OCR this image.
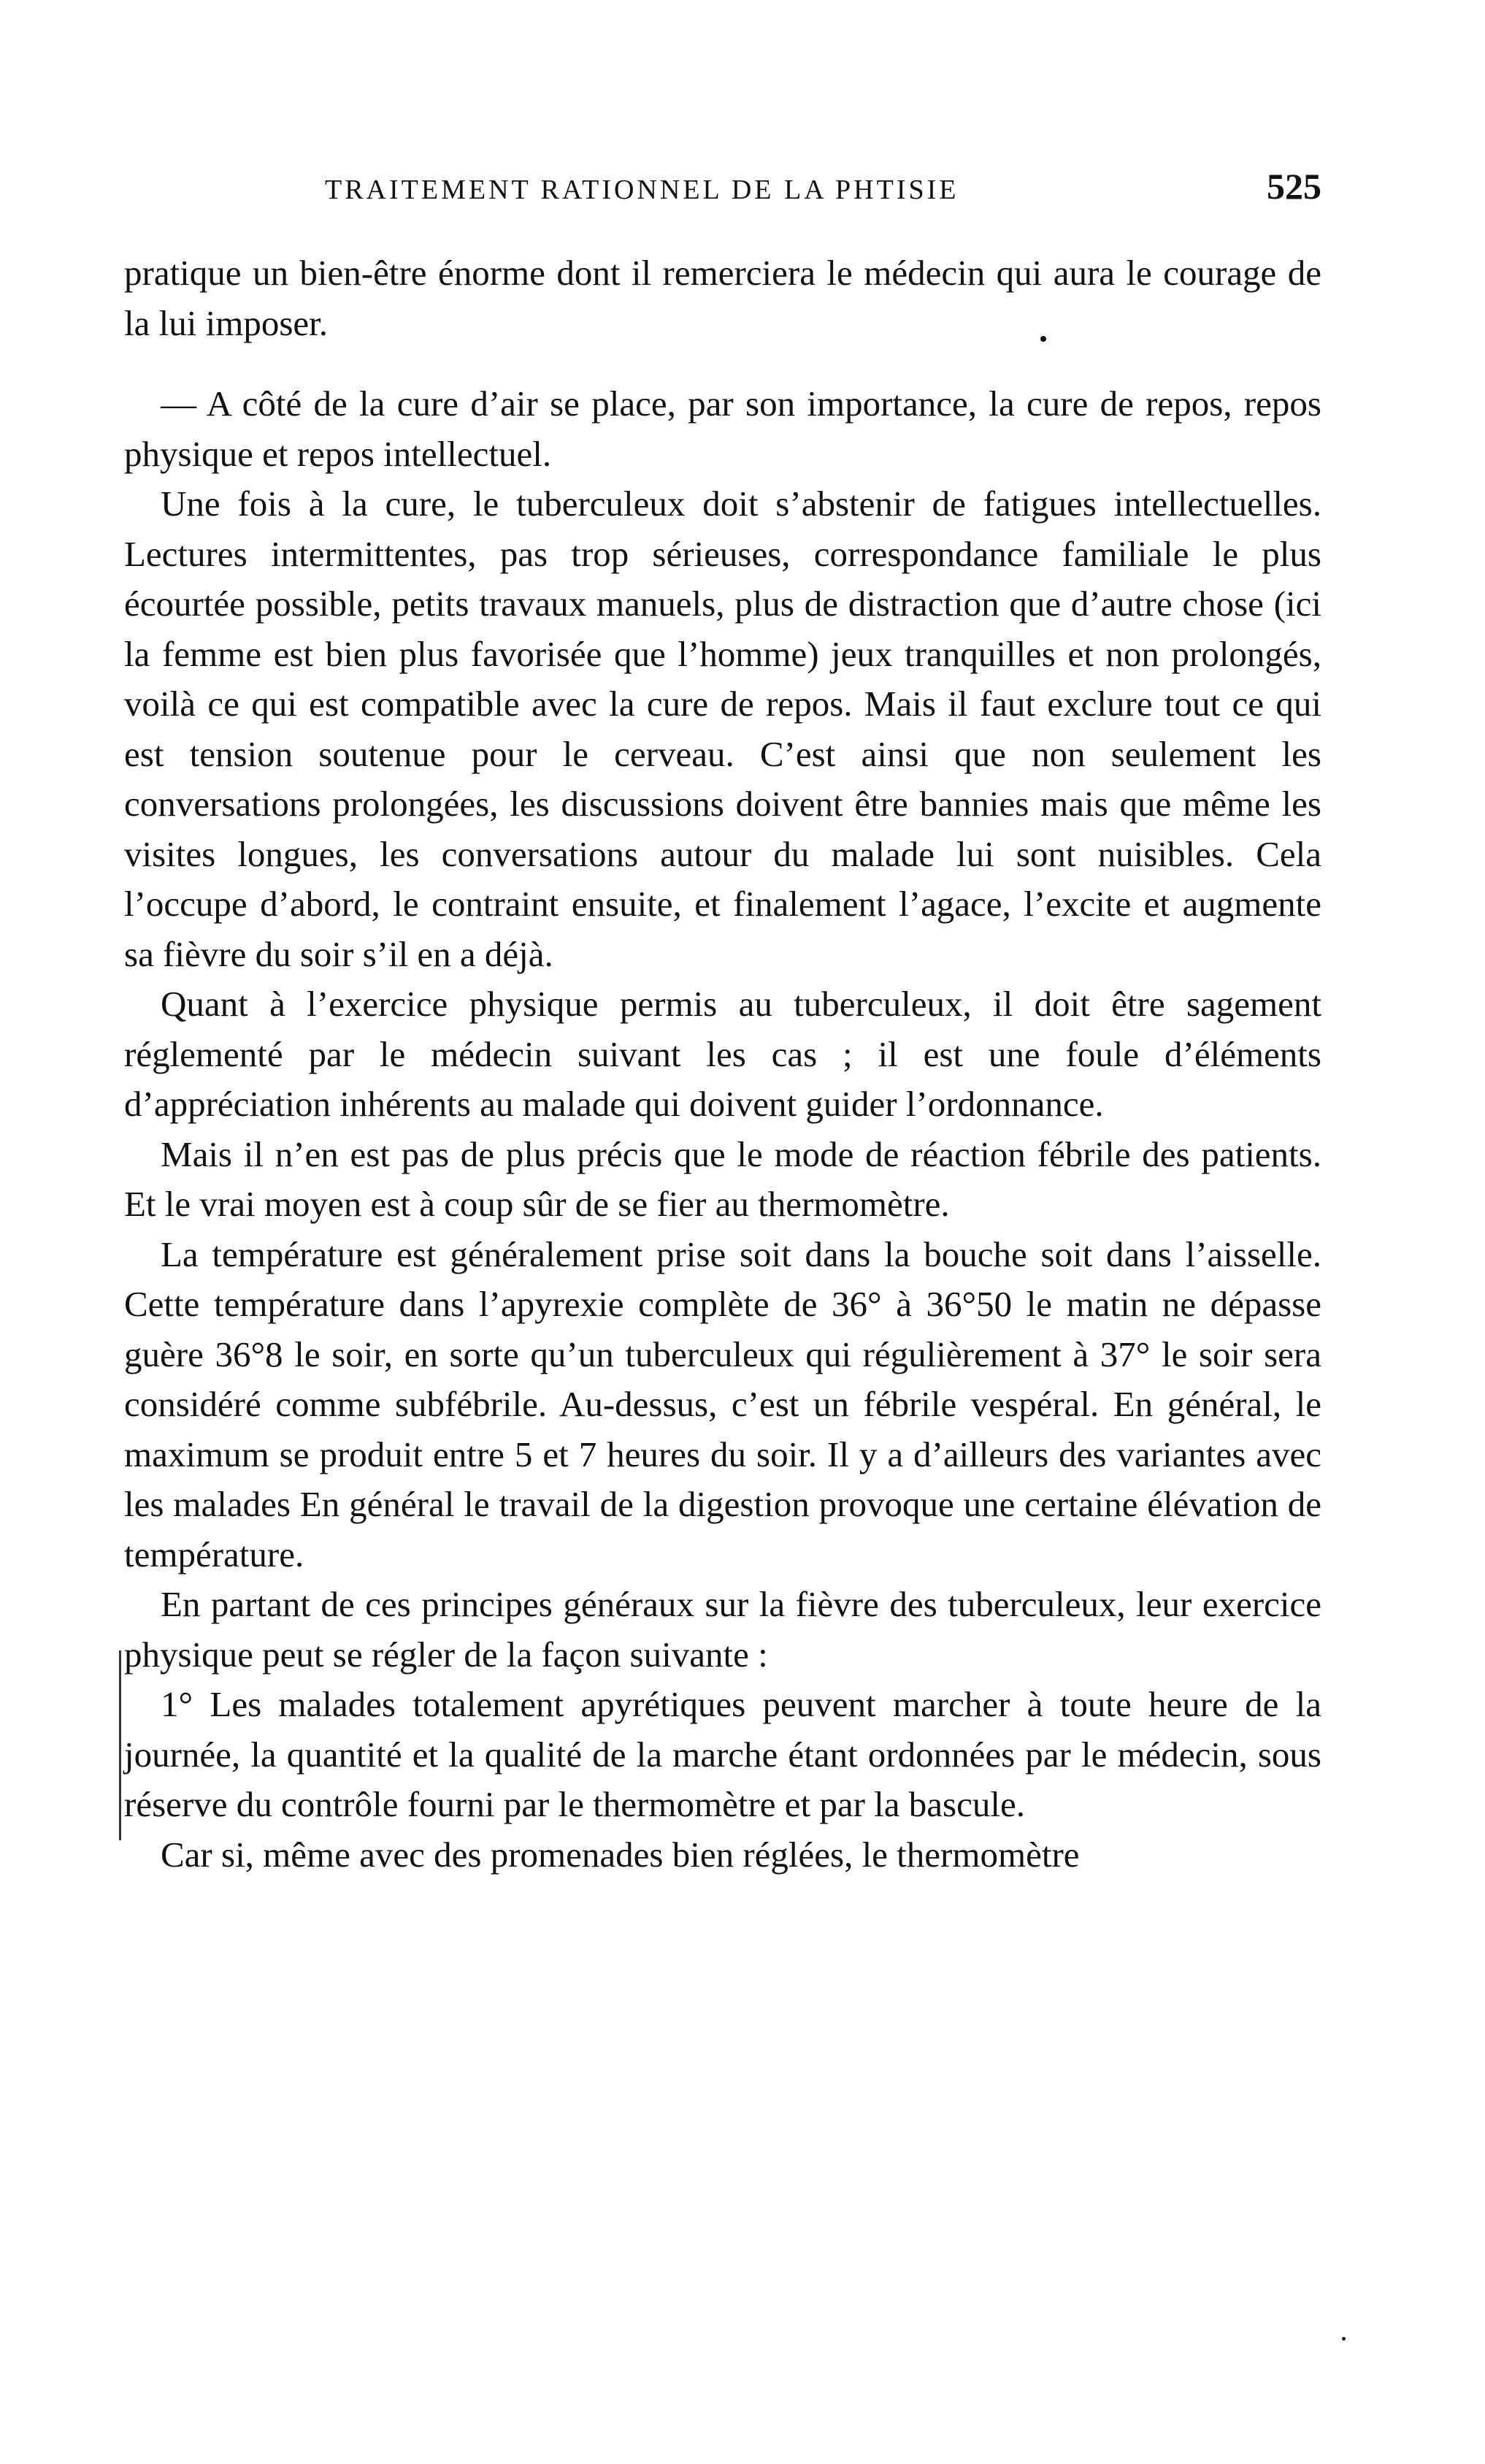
TRAITEMENT RATIONNEL DE LA PHTISIE	525

pratique un bien-être énorme dont il remerciera le médecin qui aura le courage de la lui imposer.

— A côté de la cure d’air se place, par son importance, la cure de repos, repos physique et repos intellectuel.

Une fois à la cure, le tuberculeux doit s’abstenir de fatigues intellectuelles. Lectures intermittentes, pas trop sérieuses, correspondance familiale le plus écourtée possible, petits travaux manuels, plus de distraction que d’autre chose (ici la femme est bien plus favorisée que l’homme) jeux tranquilles et non prolongés, voilà ce qui est compatible avec la cure de repos. Mais il faut exclure tout ce qui est tension soutenue pour le cerveau. C’est ainsi que non seulement les conversations prolongées, les discussions doivent être bannies mais que même les visites longues, les conversations autour du malade lui sont nuisibles. Cela l’occupe d’abord, le contraint ensuite, et finalement l’agace, l’excite et augmente sa fièvre du soir s’il en a déjà.

Quant à l’exercice physique permis au tuberculeux, il doit être sagement réglementé par le médecin suivant les cas ; il est une foule d’éléments d’appréciation inhérents au malade qui doivent guider l’ordonnance.

Mais il n’en est pas de plus précis que le mode de réaction fébrile des patients. Et le vrai moyen est à coup sûr de se fier au thermomètre.

La température est généralement prise soit dans la bouche soit dans l’aisselle. Cette température dans l’apyrexie complète de 36° à 36°50 le matin ne dépasse guère 36°8 le soir, en sorte qu’un tuberculeux qui régulièrement à 37° le soir sera considéré comme subfébrile. Au-dessus, c’est un fébrile vespéral. En général, le maximum se produit entre 5 et 7 heures du soir. Il y a d’ailleurs des variantes avec les malades En général le travail de la digestion provoque une certaine élévation de température.

En partant de ces principes généraux sur la fièvre des tuberculeux, leur exercice physique peut se régler de la façon suivante :

1° Les malades totalement apyrétiques peuvent marcher à toute heure de la journée, la quantité et la qualité de la marche étant ordonnées par le médecin, sous réserve du contrôle fourni par le thermomètre et par la bascule.

Car si, même avec des promenades bien réglées, le thermomètre
